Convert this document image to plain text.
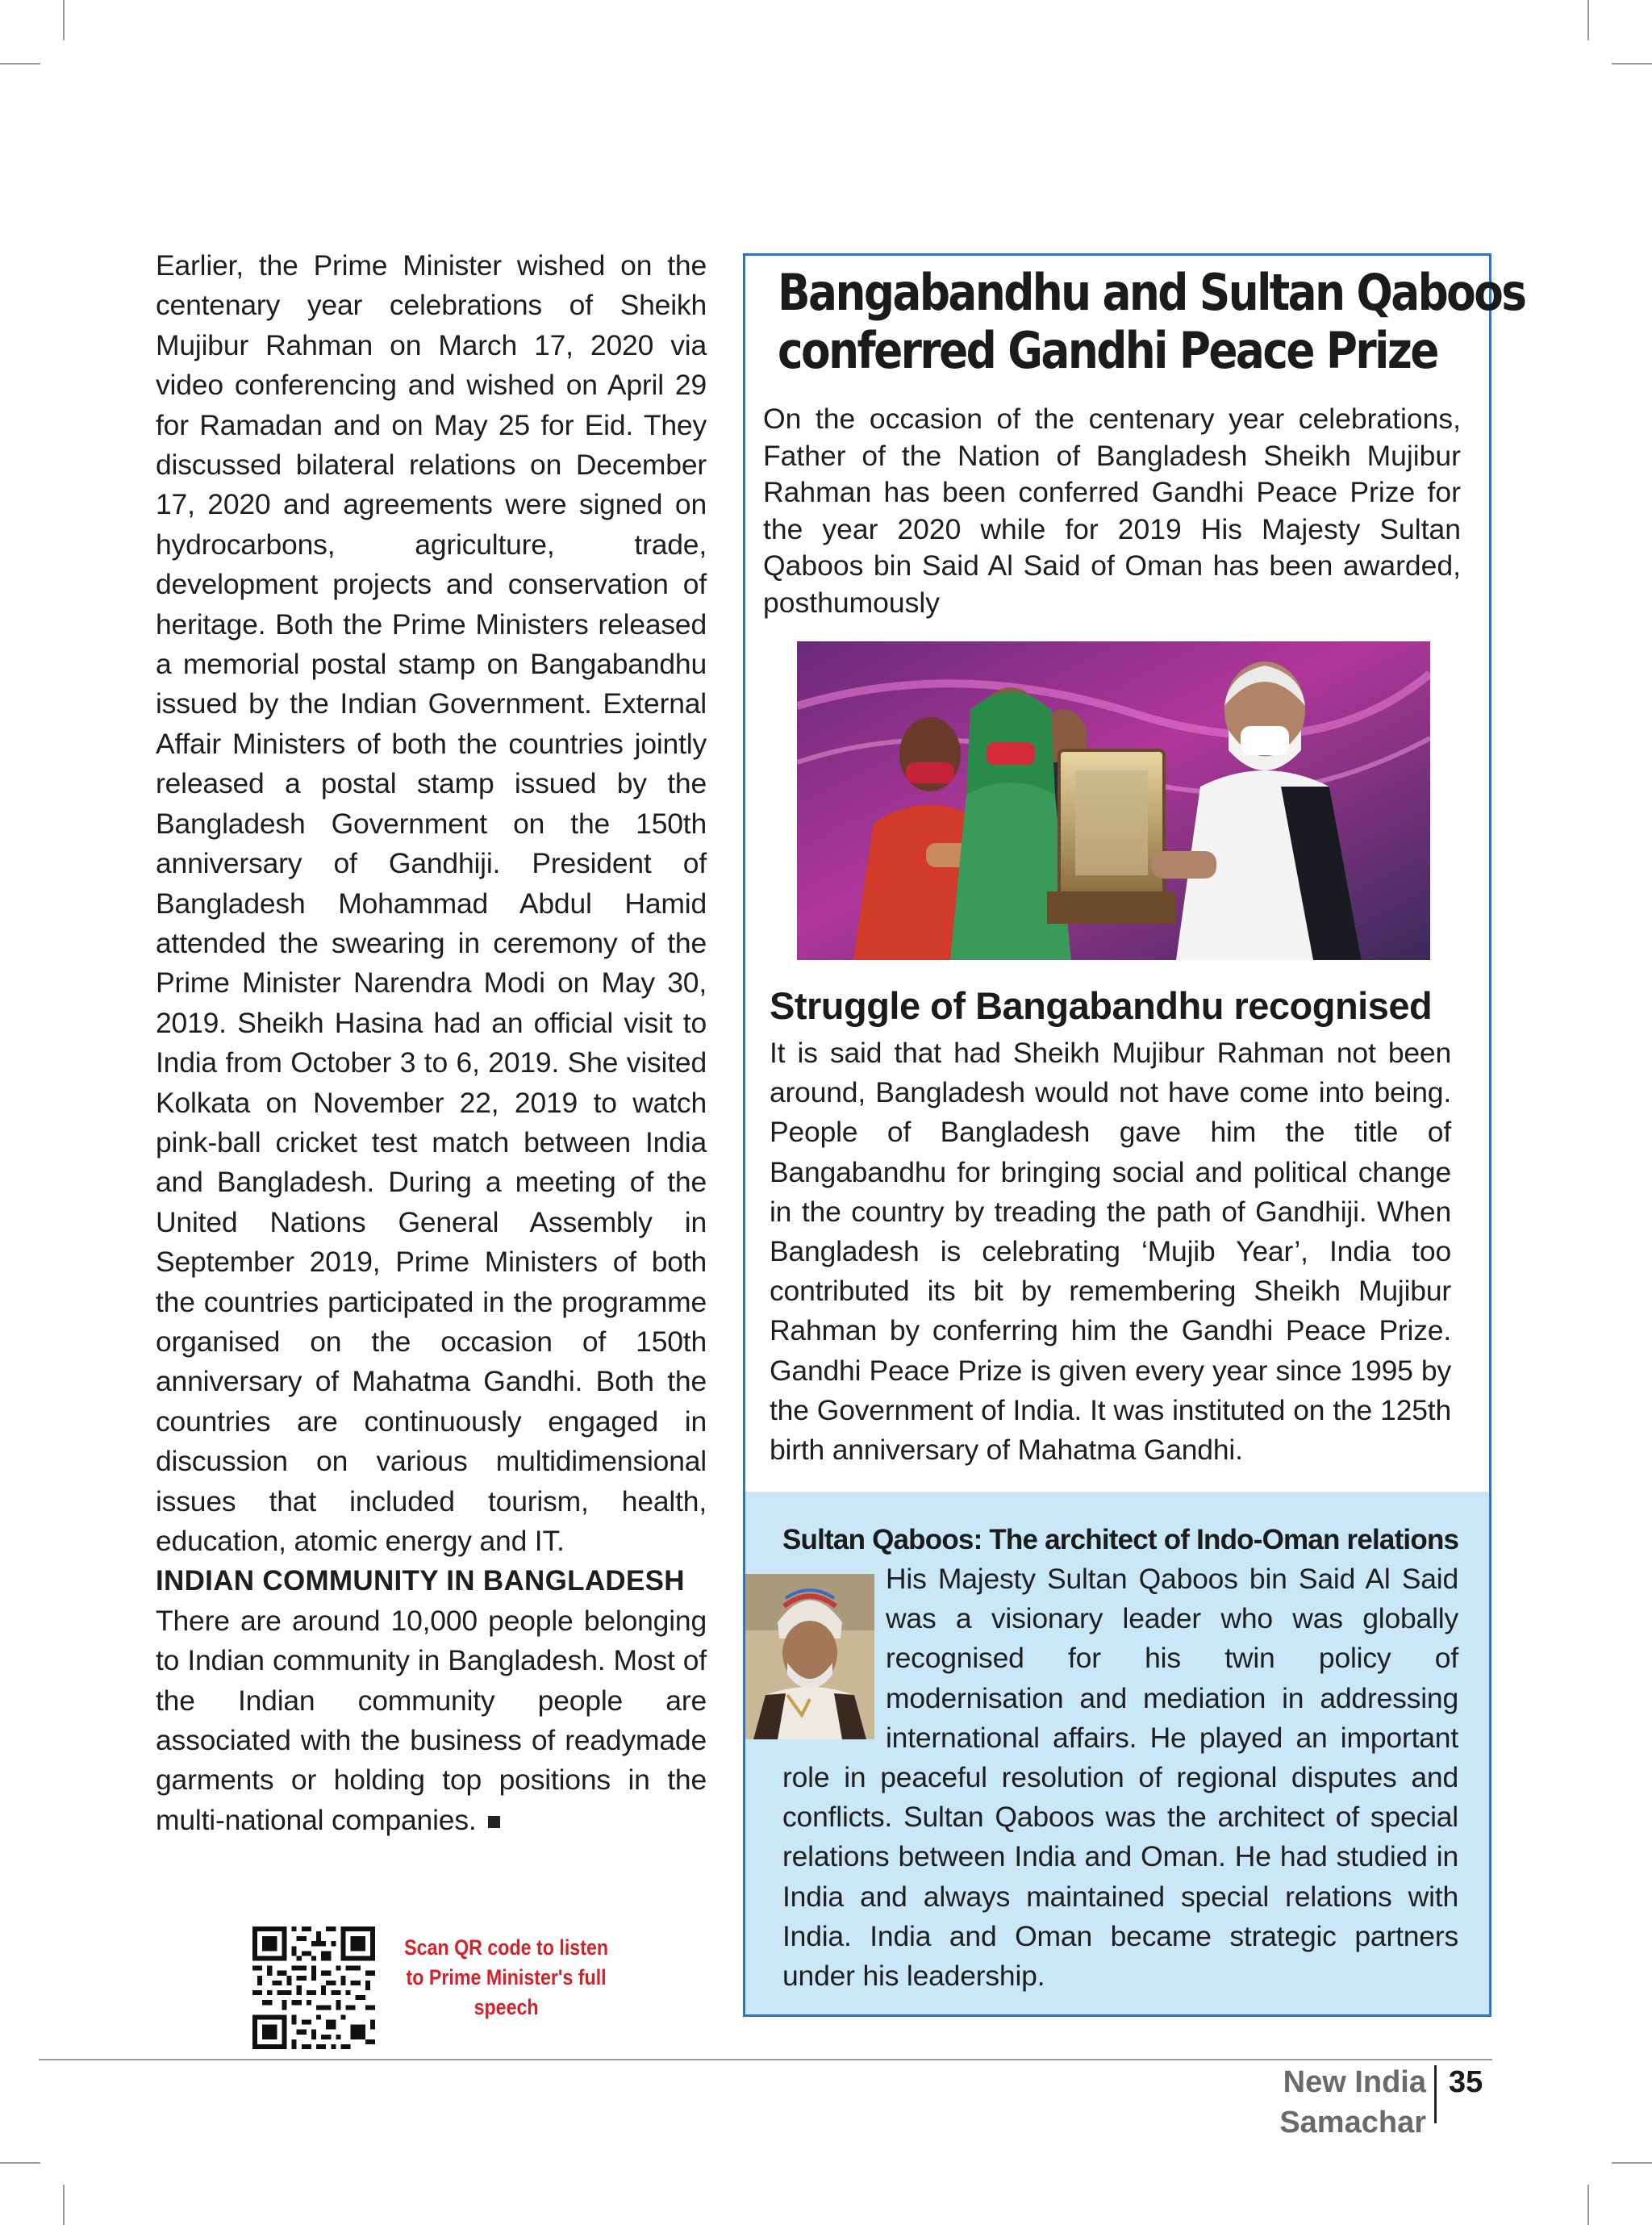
Earlier, the Prime Minister wished on the centenary year celebrations of Sheikh Mujibur Rahman on March 17, 2020 via video conferencing and wished on April 29 for Ramadan and on May 25 for Eid. They discussed bilateral relations on December 17, 2020 and agreements were signed on hydrocarbons, agriculture, trade, development projects and conservation of heritage. Both the Prime Ministers released a memorial postal stamp on Bangabandhu issued by the Indian Government. External Affair Ministers of both the countries jointly released a postal stamp issued by the Bangladesh Government on the 150th anniversary of Gandhiji. President of Bangladesh Mohammad Abdul Hamid attended the swearing in ceremony of the Prime Minister Narendra Modi on May 30, 2019. Sheikh Hasina had an official visit to India from October 3 to 6, 2019. She visited Kolkata on November 22, 2019 to watch pink-ball cricket test match between India and Bangladesh. During a meeting of the United Nations General Assembly in September 2019, Prime Ministers of both the countries participated in the programme organised on the occasion of 150th anniversary of Mahatma Gandhi. Both the countries are continuously engaged in discussion on various multidimensional issues that included tourism, health, education, atomic energy and IT.

INDIAN COMMUNITY IN BANGLADESH

There are around 10,000 people belonging to Indian community in Bangladesh. Most of the Indian community people are associated with the business of readymade garments or holding top positions in the multi-national companies.

Scan QR code to listen to Prime Minister's full speech
Bangabandhu and Sultan Qaboos
conferred Gandhi Peace Prize
On the occasion of the centenary year celebrations, Father of the Nation of Bangladesh Sheikh Mujibur Rahman has been conferred Gandhi Peace Prize for the year 2020 while for 2019 His Majesty Sultan Qaboos bin Said Al Said of Oman has been awarded, posthumously
Struggle of Bangabandhu recognised
It is said that had Sheikh Mujibur Rahman not been around, Bangladesh would not have come into being. People of Bangladesh gave him the title of Bangabandhu for bringing social and political change in the country by treading the path of Gandhiji. When Bangladesh is celebrating ‘Mujib Year’, India too contributed its bit by remembering Sheikh Mujibur Rahman by conferring him the Gandhi Peace Prize. Gandhi Peace Prize is given every year since 1995 by the Government of India. It was instituted on the 125th birth anniversary of Mahatma Gandhi.
Sultan Qaboos: The architect of Indo-Oman relations

His Majesty Sultan Qaboos bin Said Al Said was a visionary leader who was globally recognised for his twin policy of modernisation and mediation in addressing international affairs. He played an important role in peaceful resolution of regional disputes and conflicts. Sultan Qaboos was the architect of special relations between India and Oman. He had studied in India and always maintained special relations with India. India and Oman became strategic partners under his leadership.

New India Samachar
35
